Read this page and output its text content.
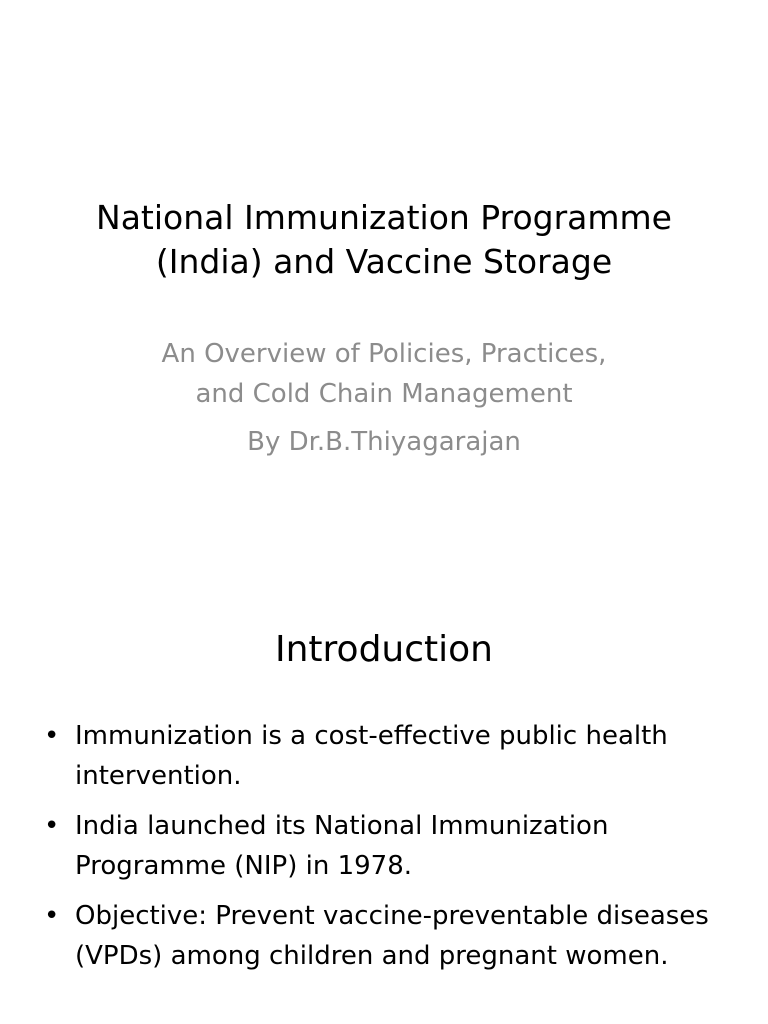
National Immunization Programme
(India) and Vaccine Storage
An Overview of Policies, Practices,
and Cold Chain Management
By Dr.B.Thiyagarajan
Introduction
• Immunization is a cost-effective public health intervention.
• India launched its National Immunization Programme (NIP) in 1978.
• Objective: Prevent vaccine-preventable diseases (VPDs) among children and pregnant women.
